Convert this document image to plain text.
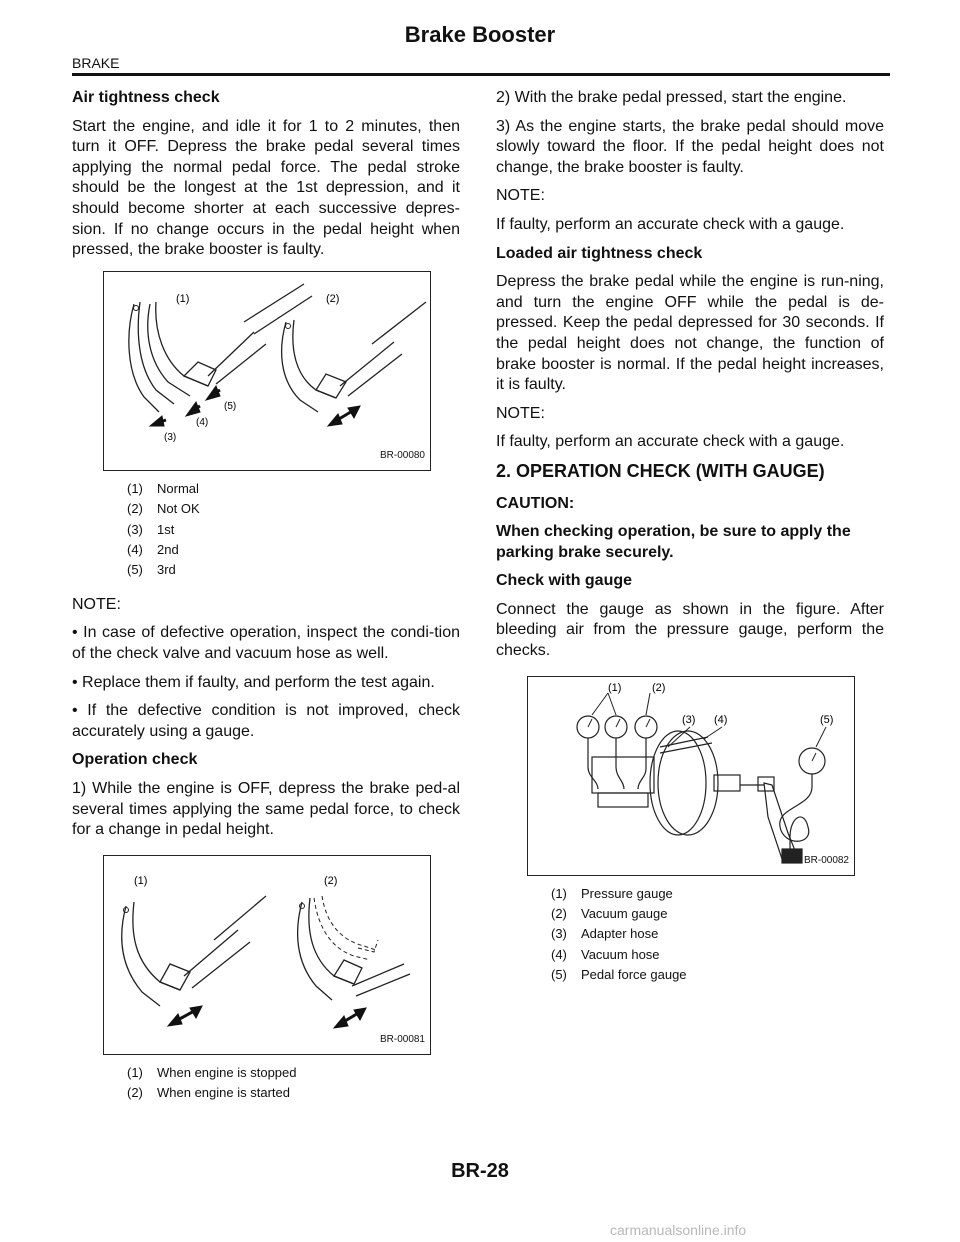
Brake Booster
BRAKE
Air tightness check

Start the engine, and idle it for 1 to 2 minutes, then turn it OFF. Depress the brake pedal several times applying the normal pedal force. The pedal stroke should be the longest at the 1st depression, and it should become shorter at each successive depres-sion. If no change occurs in the pedal height when pressed, the brake booster is faulty.

(1)	(2)
(3)
(4)
(5)
BR-00080
(1) Normal
(2) Not OK
(3) 1st
(4) 2nd
(5) 3rd

NOTE:

• In case of defective operation, inspect the condi-tion of the check valve and vacuum hose as well.

• Replace them if faulty, and perform the test again.

• If the defective condition is not improved, check accurately using a gauge.

Operation check

1) While the engine is OFF, depress the brake ped-al several times applying the same pedal force, to check for a change in pedal height.

(1)	(2)
BR-00081
(1) When engine is stopped
(2) When engine is started

2) With the brake pedal pressed, start the engine.

3) As the engine starts, the brake pedal should move slowly toward the floor. If the pedal height does not change, the brake booster is faulty.

NOTE:

If faulty, perform an accurate check with a gauge.

Loaded air tightness check

Depress the brake pedal while the engine is run-ning, and turn the engine OFF while the pedal is de-pressed. Keep the pedal depressed for 30 seconds. If the pedal height does not change, the function of brake booster is normal. If the pedal height increases, it is faulty.

NOTE:

If faulty, perform an accurate check with a gauge.

2. OPERATION CHECK (WITH GAUGE)

CAUTION:

When checking operation, be sure to apply the parking brake securely.

Check with gauge

Connect the gauge as shown in the figure. After bleeding air from the pressure gauge, perform the checks.

(1)	(2)
(3) (4)	(5)
BR-00082
(1) Pressure gauge
(2) Vacuum gauge
(3) Adapter hose
(4) Vacuum hose
(5) Pedal force gauge
BR-28
carmanualsonline.info
